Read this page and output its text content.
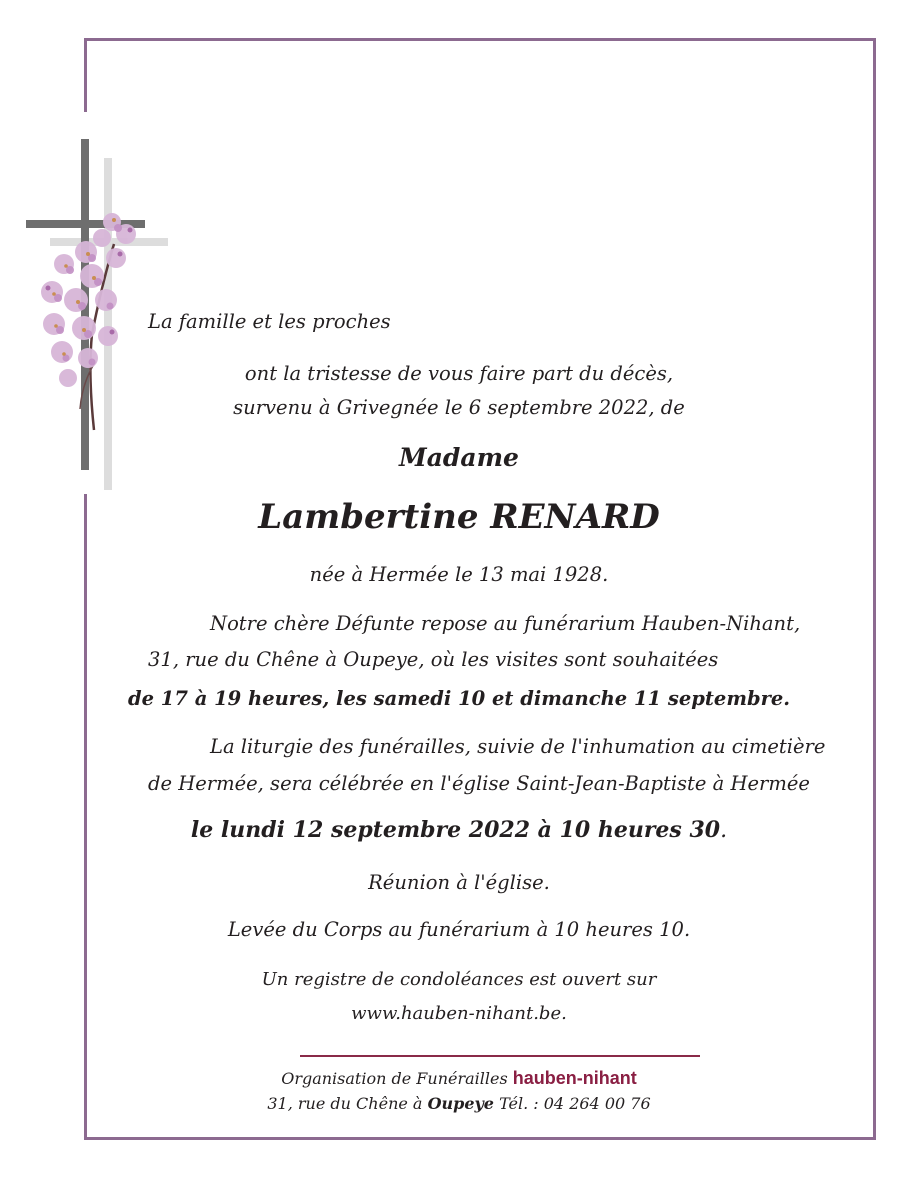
La famille et les proches
ont la tristesse de vous faire part du décès,
survenu à Grivegnée le 6 septembre 2022, de
Madame
Lambertine RENARD
née à Hermée le 13 mai 1928.
Notre chère Défunte repose au funérarium Hauben-Nihant,
31, rue du Chêne à Oupeye, où les visites sont souhaitées
de 17 à 19 heures, les samedi 10 et dimanche 11 septembre.
La liturgie des funérailles, suivie de l'inhumation au cimetière
de Hermée, sera célébrée en l'église Saint-Jean-Baptiste à Hermée
le lundi 12 septembre 2022 à 10 heures 30.
Réunion à l'église.
Levée du Corps au funérarium à 10 heures 10.
Un registre de condoléances est ouvert sur
www.hauben-nihant.be.
Organisation de Funérailles hauben-nihant
31, rue du Chêne à Oupeye Tél. : 04 264 00 76
